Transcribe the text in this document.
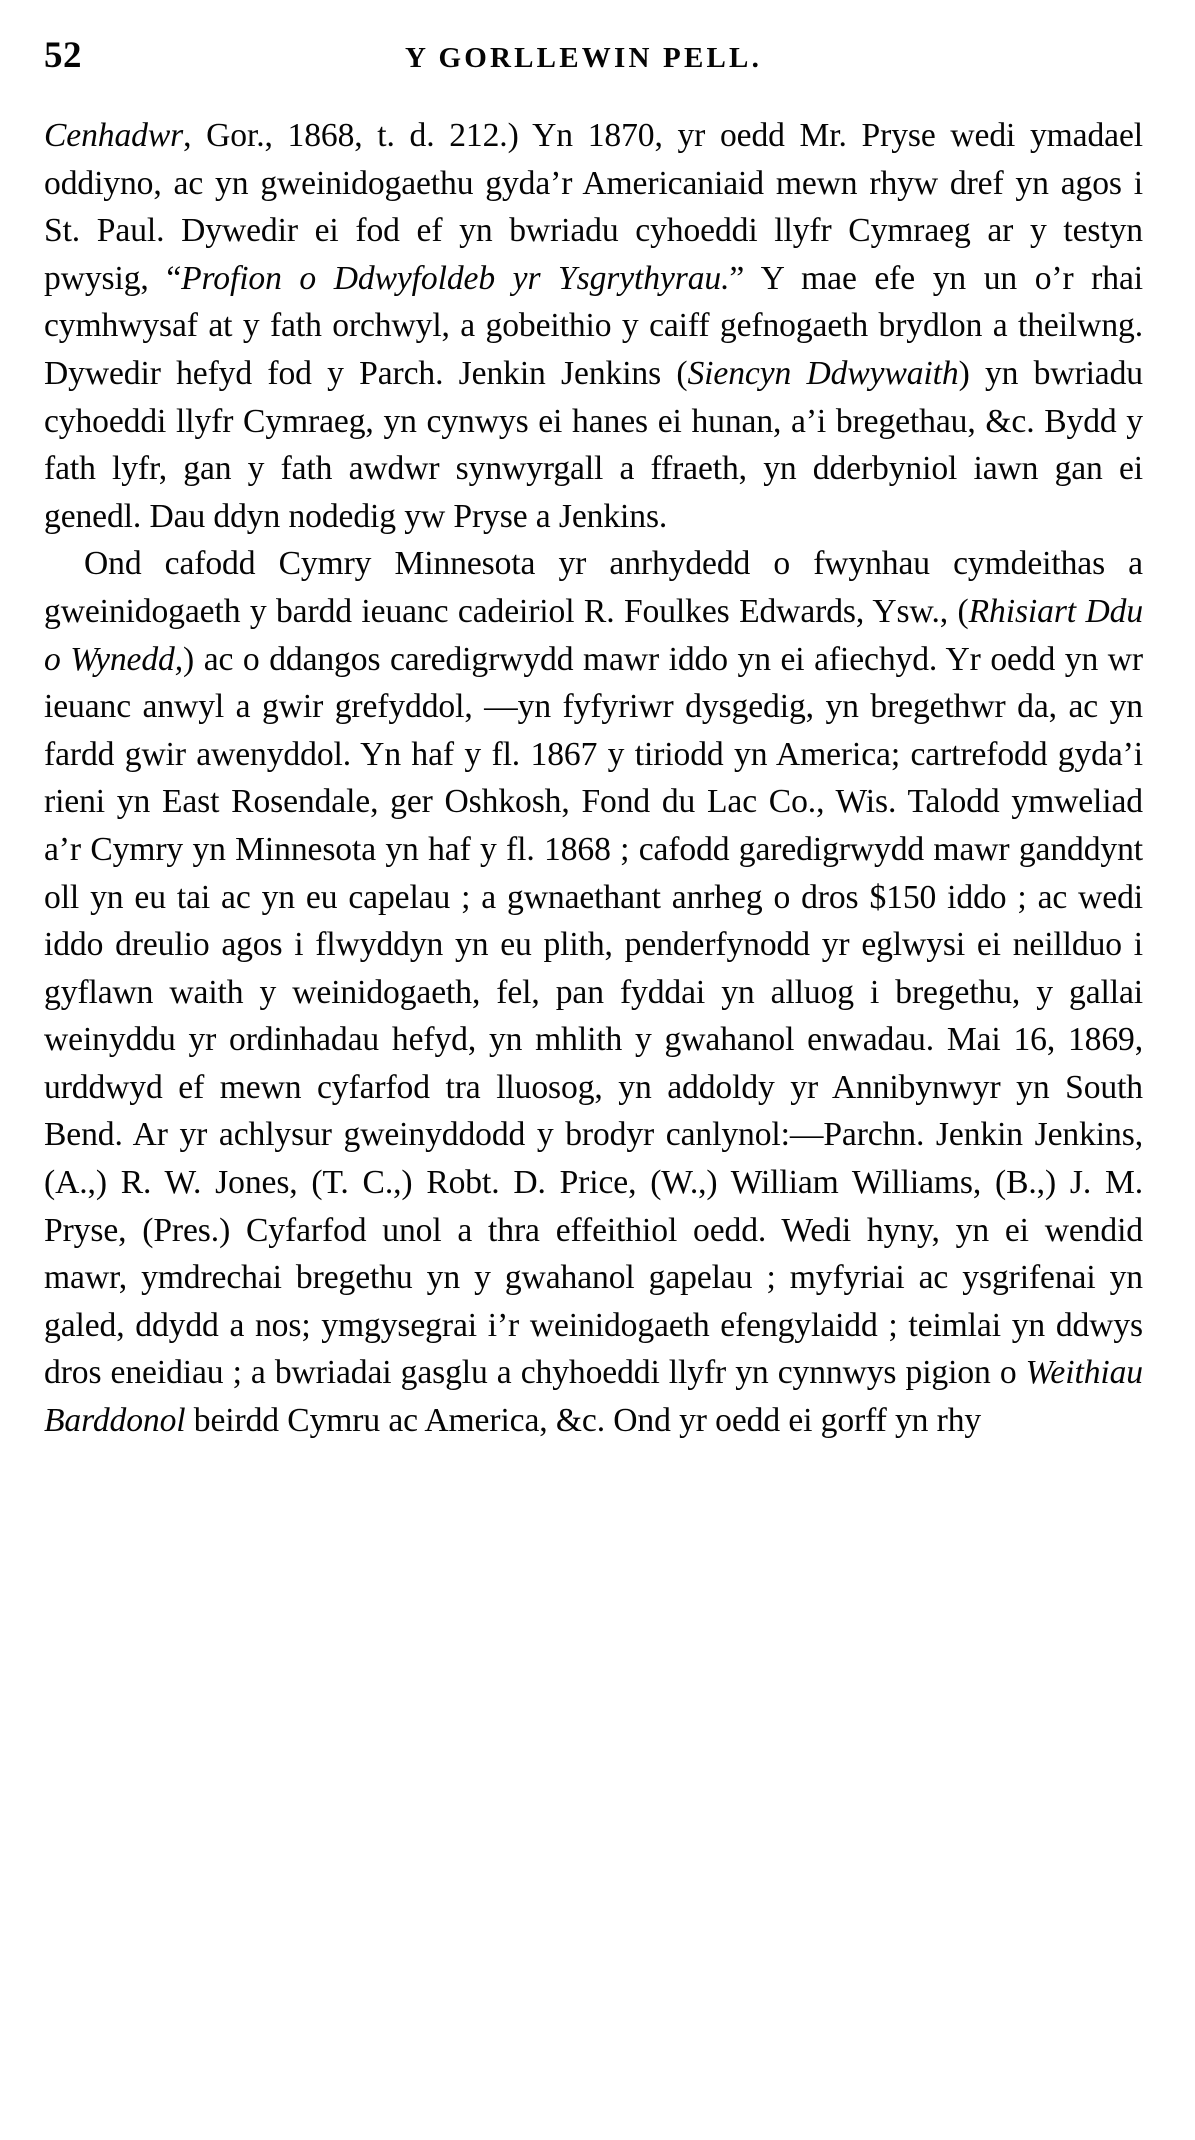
52	Y GORLLEWIN PELL.

Cenhadwr, Gor., 1868, t. d. 212.) Yn 1870, yr oedd Mr. Pryse wedi ymadael oddiyno, ac yn gweinidogaethu gyda’r Americaniaid mewn rhyw dref yn agos i St. Paul. Dywedir ei fod ef yn bwriadu cyhoeddi llyfr Cymraeg ar y testyn pwysig, “Profion o Ddwyfoldeb yr Ysgrythyrau.” Y mae efe yn un o’r rhai cymhwysaf at y fath orchwyl, a gobeithio y caiff gefnogaeth brydlon a theilwng. Dywedir hefyd fod y Parch. Jenkin Jenkins (Siencyn Ddwywaith) yn bwriadu cyhoeddi llyfr Cymraeg, yn cynwys ei hanes ei hunan, a’i bregethau, &c. Bydd y fath lyfr, gan y fath awdwr synwyrgall a ffraeth, yn dderbyniol iawn gan ei genedl. Dau ddyn nodedig yw Pryse a Jenkins.

Ond cafodd Cymry Minnesota yr anrhydedd o fwynhau cymdeithas a gweinidogaeth y bardd ieuanc cadeiriol R. Foulkes Edwards, Ysw., (Rhisiart Ddu o Wynedd,) ac o ddangos caredigrwydd mawr iddo yn ei afiechyd. Yr oedd yn wr ieuanc anwyl a gwir grefyddol, —yn fyfyriwr dysgedig, yn bregethwr da, ac yn fardd gwir awenyddol. Yn haf y fl. 1867 y tiriodd yn America; cartrefodd gyda’i rieni yn East Rosendale, ger Oshkosh, Fond du Lac Co., Wis. Talodd ymweliad a’r Cymry yn Minnesota yn haf y fl. 1868 ; cafodd garedigrwydd mawr ganddynt oll yn eu tai ac yn eu capelau ; a gwnaethant anrheg o dros $150 iddo ; ac wedi iddo dreulio agos i flwyddyn yn eu plith, penderfynodd yr eglwysi ei neillduo i gyflawn waith y weinidogaeth, fel, pan fyddai yn alluog i bregethu, y gallai weinyddu yr ordinhadau hefyd, yn mhlith y gwahanol enwadau. Mai 16, 1869, urddwyd ef mewn cyfarfod tra lluosog, yn addoldy yr Annibynwyr yn South Bend. Ar yr achlysur gweinyddodd y brodyr canlynol:—Parchn. Jenkin Jenkins, (A.,) R. W. Jones, (T. C.,) Robt. D. Price, (W.,) William Williams, (B.,) J. M. Pryse, (Pres.) Cyfarfod unol a thra effeithiol oedd. Wedi hyny, yn ei wendid mawr, ymdrechai bregethu yn y gwahanol gapelau ; myfyriai ac ysgrifenai yn galed, ddydd a nos; ymgysegrai i’r weinidogaeth efengylaidd ; teimlai yn ddwys dros eneidiau ; a bwriadai gasglu a chyhoeddi llyfr yn cynnwys pigion o Weithiau Barddonol beirdd Cymru ac America, &c. Ond yr oedd ei gorff yn rhy
